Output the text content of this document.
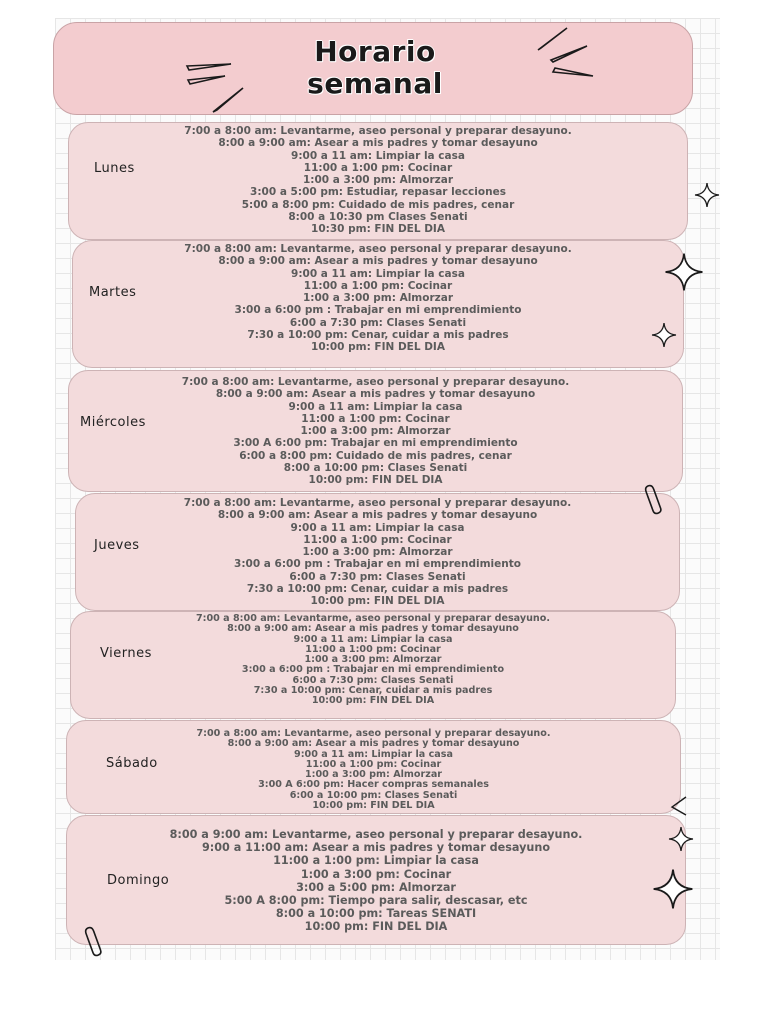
Horario
semanal
Lunes
7:00 a 8:00 am: Levantarme, aseo personal y preparar desayuno.
8:00 a 9:00 am: Asear a mis padres y tomar desayuno
9:00 a 11 am: Limpiar la casa
11:00 a 1:00 pm: Cocinar
1:00 a 3:00 pm: Almorzar
3:00 a 5:00 pm: Estudiar, repasar lecciones
5:00 a 8:00 pm: Cuidado de mis padres, cenar
8:00 a 10:30 pm Clases Senati
10:30 pm: FIN DEL DIA
Martes
7:00 a 8:00 am: Levantarme, aseo personal y preparar desayuno.
8:00 a 9:00 am: Asear a mis padres y tomar desayuno
9:00 a 11 am: Limpiar la casa
11:00 a 1:00 pm: Cocinar
1:00 a 3:00 pm: Almorzar
3:00 a 6:00 pm : Trabajar en mi emprendimiento
6:00 a 7:30 pm: Clases Senati
7:30 a 10:00 pm: Cenar, cuidar a mis padres
10:00 pm: FIN DEL DIA
Miércoles
7:00 a 8:00 am: Levantarme, aseo personal y preparar desayuno.
8:00 a 9:00 am: Asear a mis padres y tomar desayuno
9:00 a 11 am: Limpiar la casa
11:00 a 1:00 pm: Cocinar
1:00 a 3:00 pm: Almorzar
3:00 A 6:00 pm: Trabajar en mi emprendimiento
6:00 a 8:00 pm: Cuidado de mis padres, cenar
8:00 a 10:00 pm: Clases Senati
10:00 pm: FIN DEL DIA
Jueves
7:00 a 8:00 am: Levantarme, aseo personal y preparar desayuno.
8:00 a 9:00 am: Asear a mis padres y tomar desayuno
9:00 a 11 am: Limpiar la casa
11:00 a 1:00 pm: Cocinar
1:00 a 3:00 pm: Almorzar
3:00 a 6:00 pm : Trabajar en mi emprendimiento
6:00 a 7:30 pm: Clases Senati
7:30 a 10:00 pm: Cenar, cuidar a mis padres
10:00 pm: FIN DEL DIA
Viernes
7:00 a 8:00 am: Levantarme, aseo personal y preparar desayuno.
8:00 a 9:00 am: Asear a mis padres y tomar desayuno
9:00 a 11 am: Limpiar la casa
11:00 a 1:00 pm: Cocinar
1:00 a 3:00 pm: Almorzar
3:00 a 6:00 pm : Trabajar en mi emprendimiento
6:00 a 7:30 pm: Clases Senati
7:30 a 10:00 pm: Cenar, cuidar a mis padres
10:00 pm: FIN DEL DIA
Sábado
7:00 a 8:00 am: Levantarme, aseo personal y preparar desayuno.
8:00 a 9:00 am: Asear a mis padres y tomar desayuno
9:00 a 11 am: Limpiar la casa
11:00 a 1:00 pm: Cocinar
1:00 a 3:00 pm: Almorzar
3:00 A 6:00 pm: Hacer compras semanales
6:00 a 10:00 pm: Clases Senati
10:00 pm: FIN DEL DIA
Domingo
8:00 a 9:00 am: Levantarme, aseo personal y preparar desayuno.
9:00 a 11:00 am: Asear a mis padres y tomar desayuno
11:00 a 1:00 pm: Limpiar la casa
1:00 a 3:00 pm: Cocinar
3:00 a 5:00 pm: Almorzar
5:00 A 8:00 pm: Tiempo para salir, descasar, etc
8:00 a 10:00 pm: Tareas SENATI
10:00 pm: FIN DEL DIA
